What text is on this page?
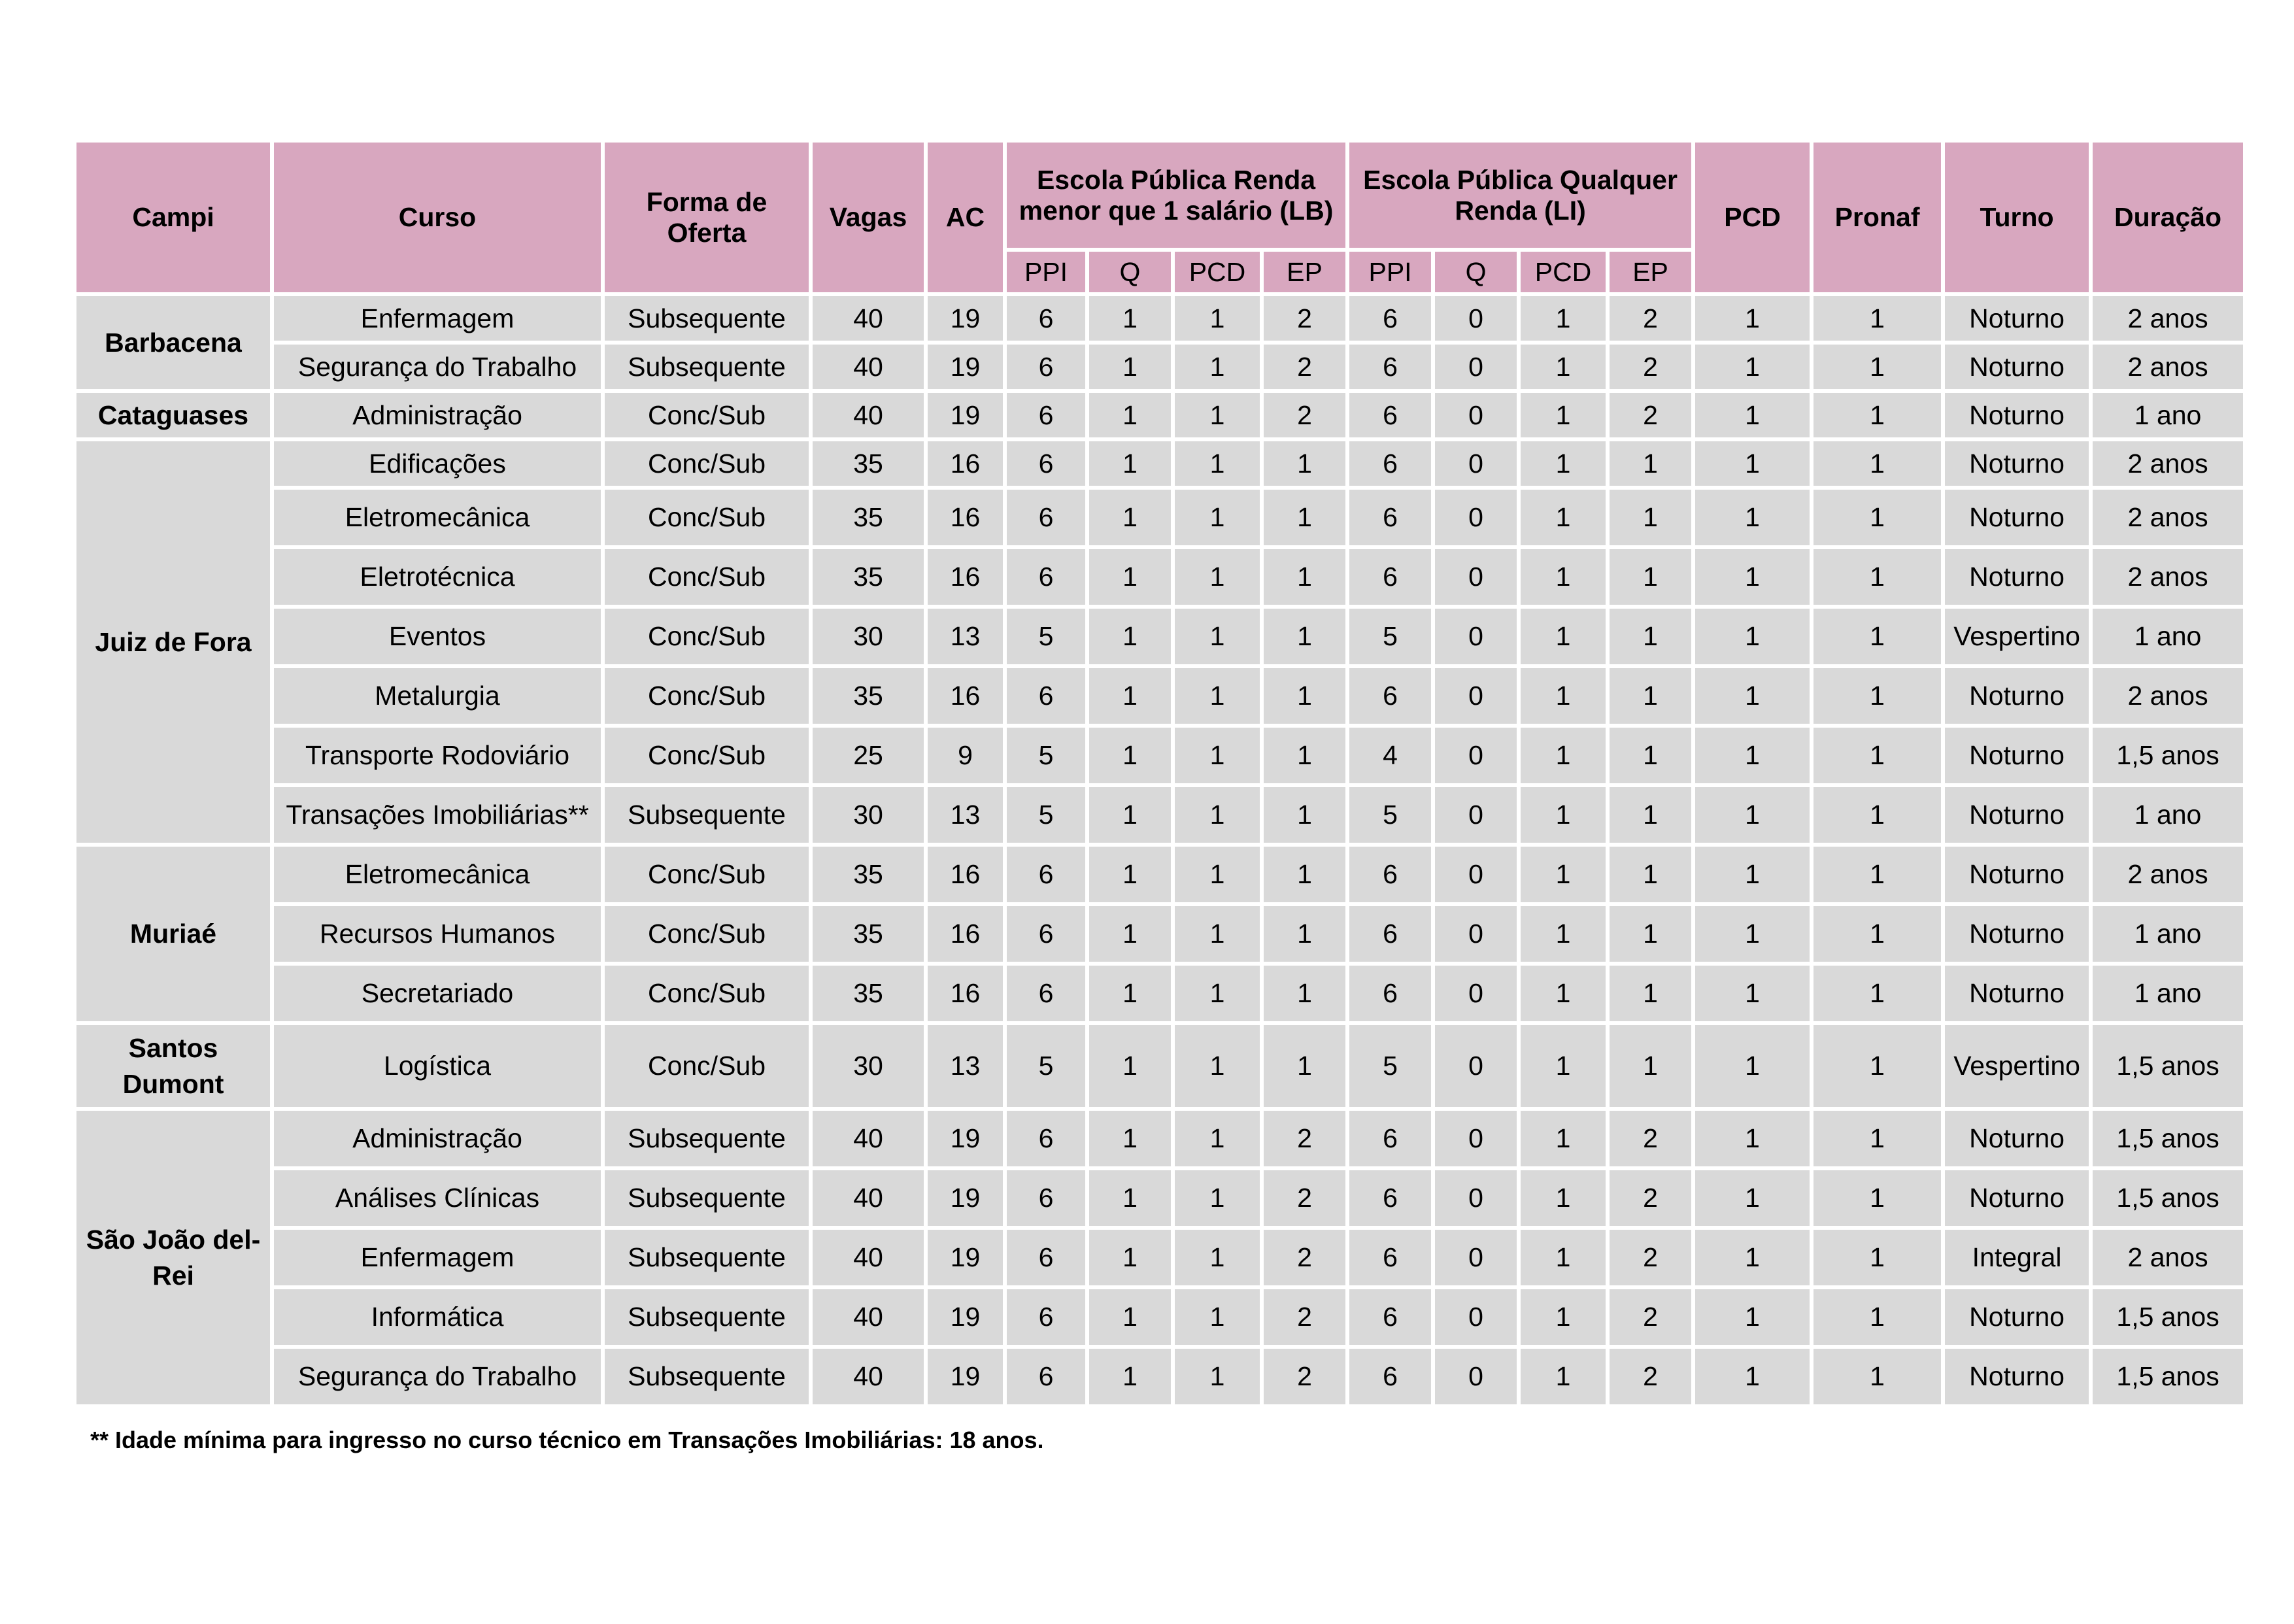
Campi	Curso	Forma de Oferta	Vagas	AC	Escola Pública Renda menor que 1 salário (LB)				Escola Pública Qualquer Renda (LI)				PCD	Pronaf	Turno	Duração
					PPI	Q	PCD	EP	PPI	Q	PCD	EP				
Barbacena	Enfermagem	Subsequente	40	19	6	1	1	2	6	0	1	2	1	1	Noturno	2 anos
	Segurança do Trabalho	Subsequente	40	19	6	1	1	2	6	0	1	2	1	1	Noturno	2 anos
Cataguases	Administração	Conc/Sub	40	19	6	1	1	2	6	0	1	2	1	1	Noturno	1 ano
Juiz de Fora	Edificações	Conc/Sub	35	16	6	1	1	1	6	0	1	1	1	1	Noturno	2 anos
	Eletromecânica	Conc/Sub	35	16	6	1	1	1	6	0	1	1	1	1	Noturno	2 anos
	Eletrotécnica	Conc/Sub	35	16	6	1	1	1	6	0	1	1	1	1	Noturno	2 anos
	Eventos	Conc/Sub	30	13	5	1	1	1	5	0	1	1	1	1	Vespertino	1 ano
	Metalurgia	Conc/Sub	35	16	6	1	1	1	6	0	1	1	1	1	Noturno	2 anos
	Transporte Rodoviário	Conc/Sub	25	9	5	1	1	1	4	0	1	1	1	1	Noturno	1,5 anos
	Transações Imobiliárias**	Subsequente	30	13	5	1	1	1	5	0	1	1	1	1	Noturno	1 ano
Muriaé	Eletromecânica	Conc/Sub	35	16	6	1	1	1	6	0	1	1	1	1	Noturno	2 anos
	Recursos Humanos	Conc/Sub	35	16	6	1	1	1	6	0	1	1	1	1	Noturno	1 ano
	Secretariado	Conc/Sub	35	16	6	1	1	1	6	0	1	1	1	1	Noturno	1 ano
Santos Dumont	Logística	Conc/Sub	30	13	5	1	1	1	5	0	1	1	1	1	Vespertino	1,5 anos
São João del-Rei	Administração	Subsequente	40	19	6	1	1	2	6	0	1	2	1	1	Noturno	1,5 anos
	Análises Clínicas	Subsequente	40	19	6	1	1	2	6	0	1	2	1	1	Noturno	1,5 anos
	Enfermagem	Subsequente	40	19	6	1	1	2	6	0	1	2	1	1	Integral	2 anos
	Informática	Subsequente	40	19	6	1	1	2	6	0	1	2	1	1	Noturno	1,5 anos
	Segurança do Trabalho	Subsequente	40	19	6	1	1	2	6	0	1	2	1	1	Noturno	1,5 anos
** Idade mínima para ingresso no curso técnico em Transações Imobiliárias: 18 anos.
